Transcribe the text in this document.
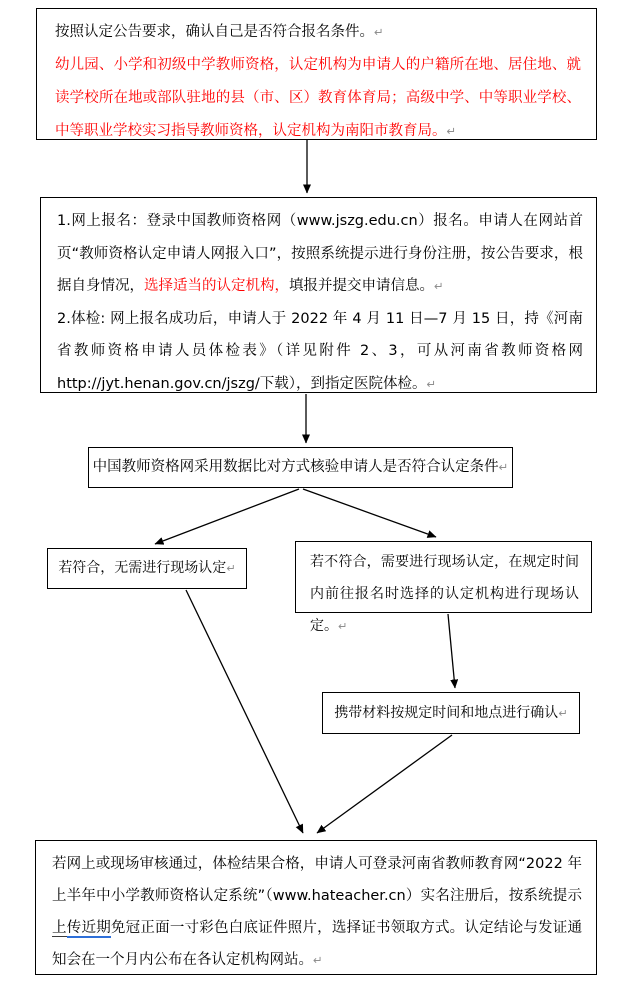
按照认定公告要求，确认自己是否符合报名条件。↵
幼儿园、小学和初级中学教师资格，认定机构为申请人的户籍所在地、居住地、就读学校所在地或部队驻地的县（市、区）教育体育局；高级中学、中等职业学校、中等职业学校实习指导教师资格，认定机构为南阳市教育局。↵
1.网上报名：登录中国教师资格网（www.jszg.edu.cn）报名。申请人在网站首页“教师资格认定申请人网报入口”，按照系统提示进行身份注册，按公告要求，根据自身情况，选择适当的认定机构，填报并提交申请信息。↵
2.体检: 网上报名成功后，申请人于 2022 年 4 月 11 日—7 月 15 日，持《河南省教师资格申请人员体检表》（详见附件 2、3，可从河南省教师资格网 http://jyt.henan.gov.cn/jszg/下载），到指定医院体检。↵
中国教师资格网采用数据比对方式核验申请人是否符合认定条件↵
若符合，无需进行现场认定↵	若不符合，需要进行现场认定，在规定时间内前往报名时选择的认定机构进行现场认定。↵
携带材料按规定时间和地点进行确认↵
若网上或现场审核通过，体检结果合格，申请人可登录河南省教师教育网“2022 年上半年中小学教师资格认定系统”（www.hateacher.cn）实名注册后，按系统提示上传近期免冠正面一寸彩色白底证件照片，选择证书领取方式。认定结论与发证通知会在一个月内公布在各认定机构网站。↵
